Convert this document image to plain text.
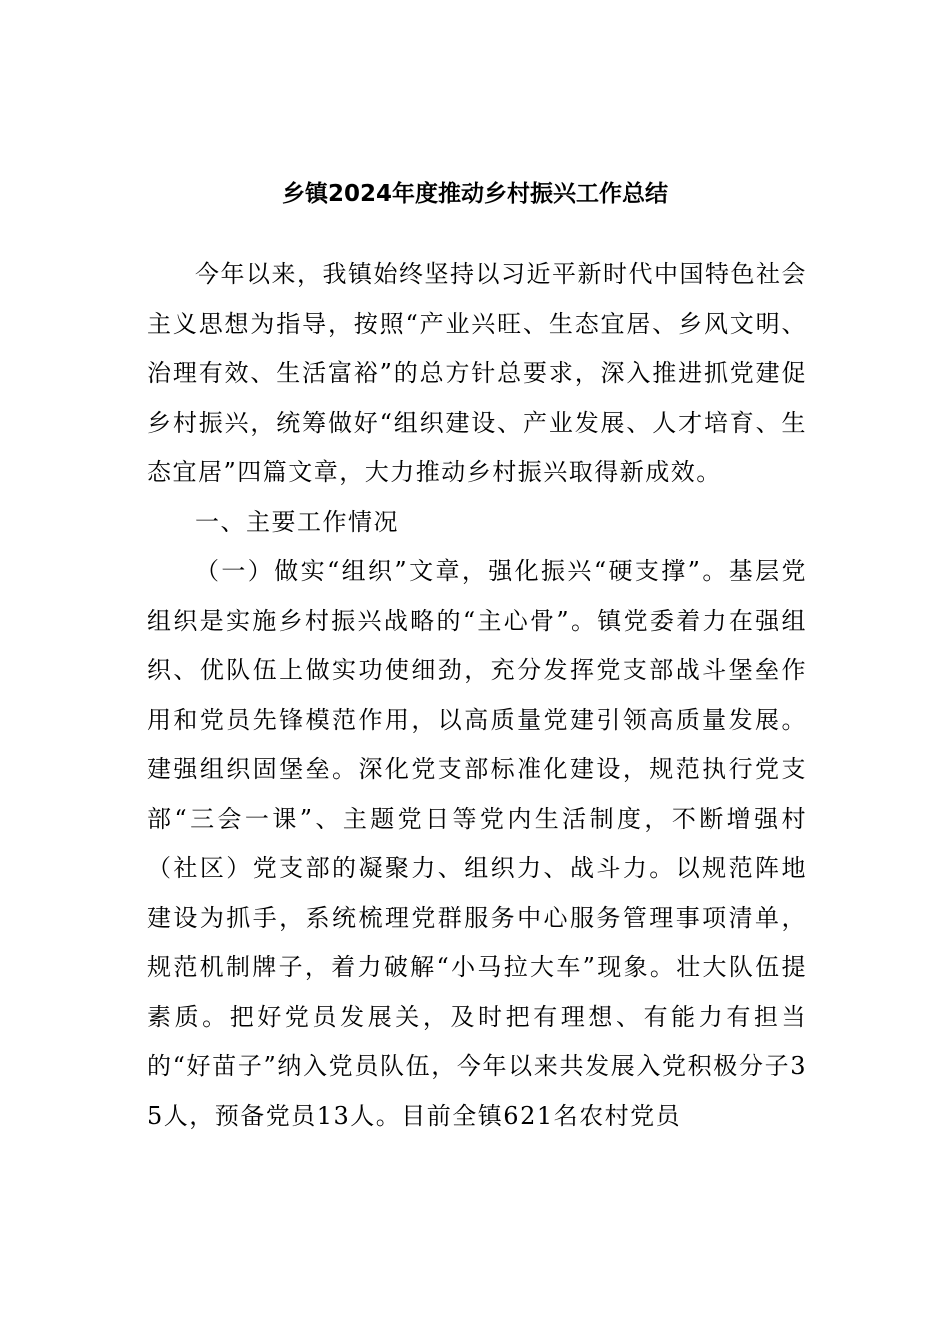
乡镇2024年度推动乡村振兴工作总结

今年以来，我镇始终坚持以习近平新时代中国特色社会主义思想为指导，按照“产业兴旺、生态宜居、乡风文明、治理有效、生活富裕”的总方针总要求，深入推进抓党建促乡村振兴，统筹做好“组织建设、产业发展、人才培育、生态宜居”四篇文章，大力推动乡村振兴取得新成效。

一、主要工作情况

（一）做实“组织”文章，强化振兴“硬支撑”。基层党组织是实施乡村振兴战略的“主心骨”。镇党委着力在强组织、优队伍上做实功使细劲，充分发挥党支部战斗堡垒作用和党员先锋模范作用，以高质量党建引领高质量发展。建强组织固堡垒。深化党支部标准化建设，规范执行党支部“三会一课”、主题党日等党内生活制度，不断增强村（社区）党支部的凝聚力、组织力、战斗力。以规范阵地建设为抓手，系统梳理党群服务中心服务管理事项清单，规范机制牌子，着力破解“小马拉大车”现象。壮大队伍提素质。把好党员发展关，及时把有理想、有能力有担当的“好苗子”纳入党员队伍，今年以来共发展入党积极分子35人，预备党员13人。目前全镇621名农村党员
